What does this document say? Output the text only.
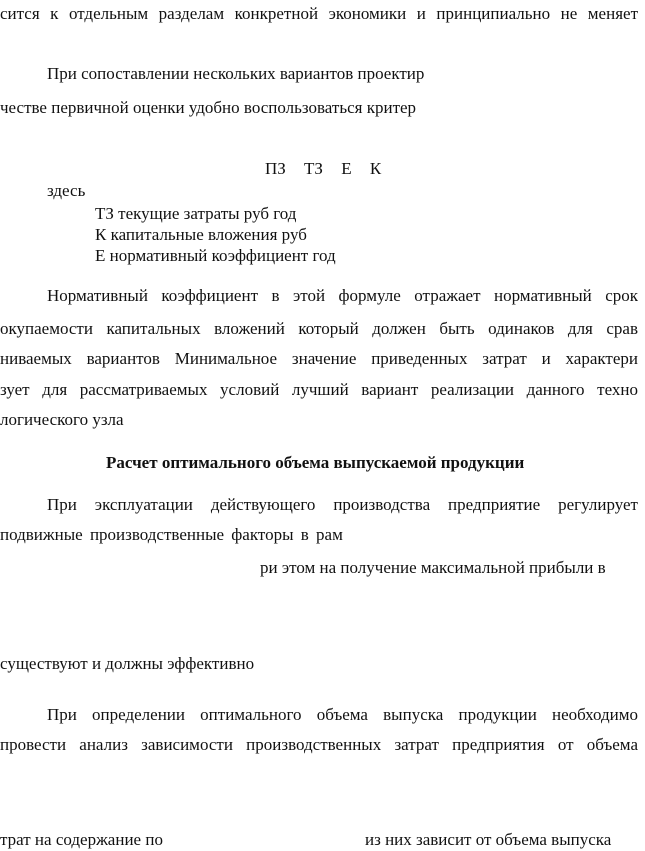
сится к отдельным разделам конкретной экономики и принципиально не меняет
При сопоставлении нескольких вариантов проектир
честве первичной оценки удобно воспользоваться критер
ПЗ ТЗ Е К
здесь
ТЗ текущие затраты руб год
К капитальные вложения руб
Е нормативный коэффициент год
Нормативный коэффициент в этой формуле отражает нормативный срок
окупаемости капитальных вложений который должен быть одинаков для срав
ниваемых вариантов Минимальное значение приведенных затрат и характери
зует для рассматриваемых условий лучший вариант реализации данного техно
логического узла
Расчет оптимального объема выпускаемой продукции
При эксплуатации действующего производства предприятие регулирует
подвижные производственные факторы в рам
ри этом на получение максимальной прибыли в
существуют и должны эффективно
При определении оптимального объема выпуска продукции необходимо
провести анализ зависимости производственных затрат предприятия от объема
трат на содержание по	из них зависит от объема выпуска
